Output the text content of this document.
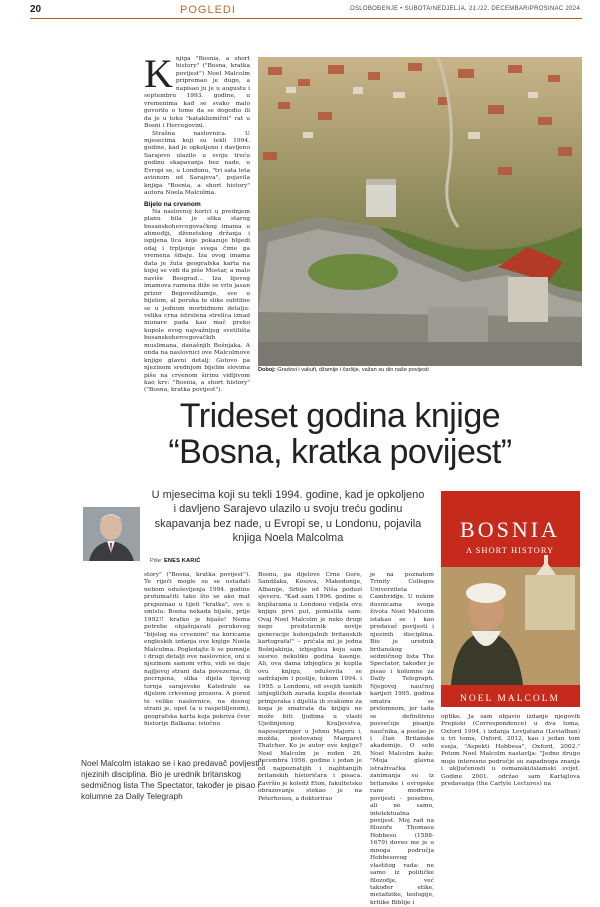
20	POGLEDI	OSLOBOĐENJE • SUBOTA/NEDJELJA, 21./22. DECEMBAR/PROSINAC 2024.

Knjiga "Bosnia, a short history" ("Bosna, kratka povijest") Noel Malcolm pripremao je dugo, a napisao ju je u augustu i septembru 1993. godine, u vremenima kad se svako malo govorilo o tome da se dogodio ili da je u toku "kataklizmični" rat u Bosni i Hercegovini.

Strašna naslovnica. U mjesecima koji su tekli 1994. godine, kad je opkoljeno i davljeno Sarajevo ulazilo u svoju treću godinu skapavanja bez nade, u Evropi se, u Londonu, "tri sata leta avionom od Sarajeva", pojavila knjiga "Bosnia, a short history" autora Noela Malcolma.

Bijelo na crvenom

Na naslovnoj korici u prednjem planu bila je slika starog bosanskohercegovačkog imama u ahmediji, dženetskog držanja i ispijena lica koje pokazuje blijedi odaj i trpljenje svega čime ga vremena šibaju. Iza ovog imama data je žuta geografska karta na kojoj se vidi da piše Mostar, a malo naviše Beograd… Iza lijevog imamova ramena diže se vrlo jasan prizor Begovedžamije, sve u bijelom, al poruka te slike subtilne se u jednom morbidnom detalju: velika crna istrulena strelica iznad munare pada kao mač preko kupole ovog najvažnijeg svetilišta bosanskohercegovačkih muslimana, današnjih Bošnjaka. A onda na naslovnici ove Malcolmove knjige glavni detalj: Gotovo pa njezinom srednjom bijelim slovima piše na crvenom širinu vidljivom kao krv: "Bosnia, a short history" ("Bosna, kratka povijest").

Doboj: Gradovi i vakufi, džamije i čaršije, važan su dio naše povijesti
Trideset godina knjige
“Bosna, kratka povijest”
U mjesecima koji su tekli 1994. godine, kad je opkoljeno i davljeno Sarajevo ulazilo u svoju treću godinu skapavanja bez nade, u Evropi se, u Londonu, pojavila knjiga Noela Malcolma
Piše: ENES KARIĆ
BOSNIA
A SHORT HISTORY
NOEL MALCOLM

story" ("Bosna, kratka povijest"). Te riječi mogle su se ustadati nebom oduševljenja 1994. godine protumačiti tako što se ako mat prepoznao u tijeti "kratka", sve u smislu: Bosna nekada bijaše, prije 1992!! kratko je bijaše! Nema potrebe objašnjavati porukovog "bijelog na crvenom" na koricama engleskih izdanja ove knjige Noela Malcolma. Pogledajte li se pomnije i drugi detalji ove naslovnice, oni u njezinom samom vrhu, vidi se daje najljevoj strani data povezerna, ili pocrnjena, slika dijela lijevog tornja sarajevske Katedrale sa dijelom crkvenog prozora. A pored te velike naslovnice, na desnoj strani je, opet (a u raspetiljenom), geografska karta koja pokriva čvor historije Balkana: istočnu

Bosnu, pa dijelove Crne Gore, Sandžaka, Kosova, Makedonije, Albanije, Srbije od Niša poduzi sjeveru. "Kad sam 1996. godine u knjižarama u Londonu vidjela ovu knjigu prvi put, pomislila sam: Ovaj Noel Malcolm je neko drugi nego predstavnik novije generacije kolonijalnih britanskih kartografa!" – pričala mi je jedna Bošnjakinja, izbjeglica koju sam susreo nekoliko godina kasnije. Ali, ova dama izbjeglica je kupila ovu knjigu, oduševila se sadržajem i poslije, tokom 1994. i 1995. u Londonu, od svojih tankih izbjegličkih zarada kupila desetak primjeraka i dijelila ih svakome za koga je smatrala da knjigu ne može biti ljudima u vlasti Ujedinjenog Kraljevstva, naposeprimjer u Johnu Majoru i, možda, postovanoj Margaret Thatcher. Ko je autor ove knjige? Noel Malcolm je rođen 26. decembra 1956. godine i jedan je od najpoznatijih i najžitanijih britanskih historičara i pisaca. Završio je koledž Eton, fakultetsko obrazovanje stekao je na Peterhousu, a doktorirao

je na poznatom Trinity Colleges Univerziteta Cambridge. U nekim dosnicama svoga života Noel Malcolm istakao se i kao predavač povijesti i njezinih disciplina. Bio je urednik britanskog sedmičnog lista The Spectator, također je pisao i kolumne za Daily Telegraph. Njegovoj naučnoj karijeri 1995. godina smatra se prelomnom, jer tada se definitivno posvećuje pisanju naučnika, a postao je i član Britanske akademije. O sebi Noel Malcolm kaže: "Moja glavna istraživačka zanimanja su iz britanske i evropske rane moderne povijesti - posebno, ali ne samo, intelektualna povijest. Moj rad na filozofu Thomasu Hobbesu (1588-1679) doveo me je u mnoga područja Hobbesovog vlastitog rada: ne samo iz političke filozofije, već također etike, metafizike, teologije, kritike Biblije i

optike. Ja sam objavio izdanje njegovih Prepiski (Correspondence) u dva toma, Oxford 1994, i izdanja Levijatana (Leviathan) u tri toma, Oxford, 2012, kao i jedan tom eseja, "Aspekti Hobbesa", Oxford, 2002." Potom Noel Malcolm nastavlja: "Jedno drugo moje interesno područje su zapadnoga znanja i uključenosti u osmanski/islamski svijet. Godine 2001. održao sam Karlajlova predavanja (the Carlyle Lectures) na

Noel Malcolm istakao se i kao predavač povijesti i njezinih disciplina. Bio je urednik britanskog sedmičnog lista The Spectator, također je pisao i kolumne za Daily Telegraph
